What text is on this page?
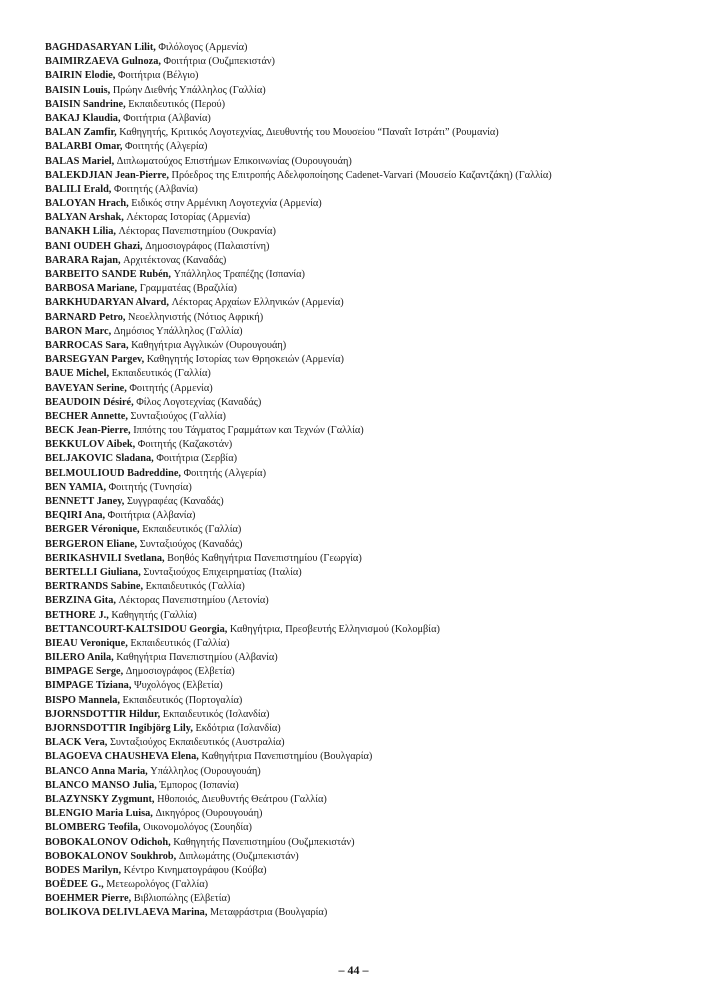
BAGHDASARYAN Lilit, Φιλόλογος (Αρμενία)
BAIMIRZAEVA Gulnoza, Φοιτήτρια (Ουζμπεκιστάν)
BAIRIN Elodie, Φοιτήτρια (Βέλγιο)
BAISIN Louis, Πρώην Διεθνής Υπάλληλος (Γαλλία)
BAISIN Sandrine, Εκπαιδευτικός (Περού)
BAKAJ Klaudia, Φοιτήτρια (Αλβανία)
BALAN Zamfir, Καθηγητής, Κριτικός Λογοτεχνίας, Διευθυντής του Μουσείου “Παναΐτ Ιστράτι” (Ρουμανία)
BALARBI Omar, Φοιτητής (Αλγερία)
BALAS Mariel, Διπλωματούχος Επιστήμων Επικοινωνίας (Ουρουγουάη)
BALEKDJIAN Jean-Pierre, Πρόεδρος της Επιτροπής Αδελφοποίησης Cadenet-Varvari (Μουσείο Καζαντζάκη) (Γαλλία)
BALILI Erald, Φοιτητής (Αλβανία)
BALOYAN Hrach, Ειδικός στην Αρμένικη Λογοτεχνία (Αρμενία)
BALYAN Arshak, Λέκτορας Ιστορίας (Αρμενία)
BANAKH Lilia, Λέκτορας Πανεπιστημίου (Ουκρανία)
BANI OUDEH Ghazi, Δημοσιογράφος (Παλαιστίνη)
BARARA Rajan, Αρχιτέκτονας (Καναδάς)
BARBEITO SANDE Rubén, Υπάλληλος Τραπέζης (Ισπανία)
BARBOSA Mariane, Γραμματέας (Βραζιλία)
BARKHUDARYAN Alvard, Λέκτορας Αρχαίων Ελληνικών (Αρμενία)
BARNARD Petro, Νεοελληνιστής (Νότιος Αφρική)
BARON Marc, Δημόσιος Υπάλληλος (Γαλλία)
BARROCAS Sara, Καθηγήτρια Αγγλικών (Ουρουγουάη)
BARSEGYAN Pargev, Καθηγητής Ιστορίας των Θρησκειών (Αρμενία)
BAUE Michel, Εκπαιδευτικός (Γαλλία)
BAVEYAN Serine, Φοιτητής (Αρμενία)
BEAUDOIN Désiré, Φίλος Λογοτεχνίας (Καναδάς)
BECHER Annette, Συνταξιούχος (Γαλλία)
BECK Jean-Pierre, Ιππότης του Τάγματος Γραμμάτων και Τεχνών (Γαλλία)
BEKKULOV Aibek, Φοιτητής (Καζακστάν)
BELJAKOVIC Sladana, Φοιτήτρια (Σερβία)
BELMOULIOUD Badreddine, Φοιτητής (Αλγερία)
BEN YAMIA, Φοιτητής (Τυνησία)
BENNETT Janey, Συγγραφέας (Καναδάς)
BEQIRI Ana, Φοιτήτρια (Αλβανία)
BERGER Véronique, Εκπαιδευτικός (Γαλλία)
BERGERON Eliane, Συνταξιούχος (Καναδάς)
BERIKASHVILI Svetlana, Βοηθός Καθηγήτρια Πανεπιστημίου (Γεωργία)
BERTELLI Giuliana, Συνταξιούχος Επιχειρηματίας (Ιταλία)
BERTRANDS Sabine, Εκπαιδευτικός (Γαλλία)
BERZINA Gita, Λέκτορας Πανεπιστημίου (Λετονία)
BETHORE J., Καθηγητής (Γαλλία)
BETTANCOURT-KALTSIDOU Georgia, Καθηγήτρια, Πρεσβευτής Ελληνισμού (Κολομβία)
BIEAU Veronique, Εκπαιδευτικός (Γαλλία)
BILERO Anila, Καθηγήτρια Πανεπιστημίου (Αλβανία)
BIMPAGE Serge, Δημοσιογράφος (Ελβετία)
BIMPAGE Tiziana, Ψυχολόγος (Ελβετία)
BISPO Mannela, Εκπαιδευτικός (Πορτογαλία)
BJORNSDOTTIR Hildur, Εκπαιδευτικός (Ισλανδία)
BJORNSDOTTIR Ingibjörg Lily, Εκδότρια (Ισλανδία)
BLACK Vera, Συνταξιούχος Εκπαιδευτικός (Αυστραλία)
BLAGOEVA CHAUSHEVA Elena, Καθηγήτρια Πανεπιστημίου (Βουλγαρία)
BLANCO Anna Maria, Υπάλληλος (Ουρουγουάη)
BLANCO MANSO Julia, Έμπορος (Ισπανία)
BLAZYNSKY Zygmunt, Ηθοποιός, Διευθυντής Θεάτρου (Γαλλία)
BLENGIO Maria Luisa, Δικηγόρος (Ουρουγουάη)
BLOMBERG Teofila, Οικονομολόγος (Σουηδία)
BOBOKALONOV Odichoh, Καθηγητής Πανεπιστημίου (Ουζμπεκιστάν)
BOBOKALONOV Soukhrob, Διπλωμάτης (Ουζμπεκιστάν)
BODES Marilyn, Κέντρο Κινηματογράφου (Κούβα)
BOËDEE G., Μετεωρολόγος (Γαλλία)
BOEHMER Pierre, Βιβλιοπώλης (Ελβετία)
BOLIKOVA DELIVLAEVA Marina, Μεταφράστρια (Βουλγαρία)
– 44 –
